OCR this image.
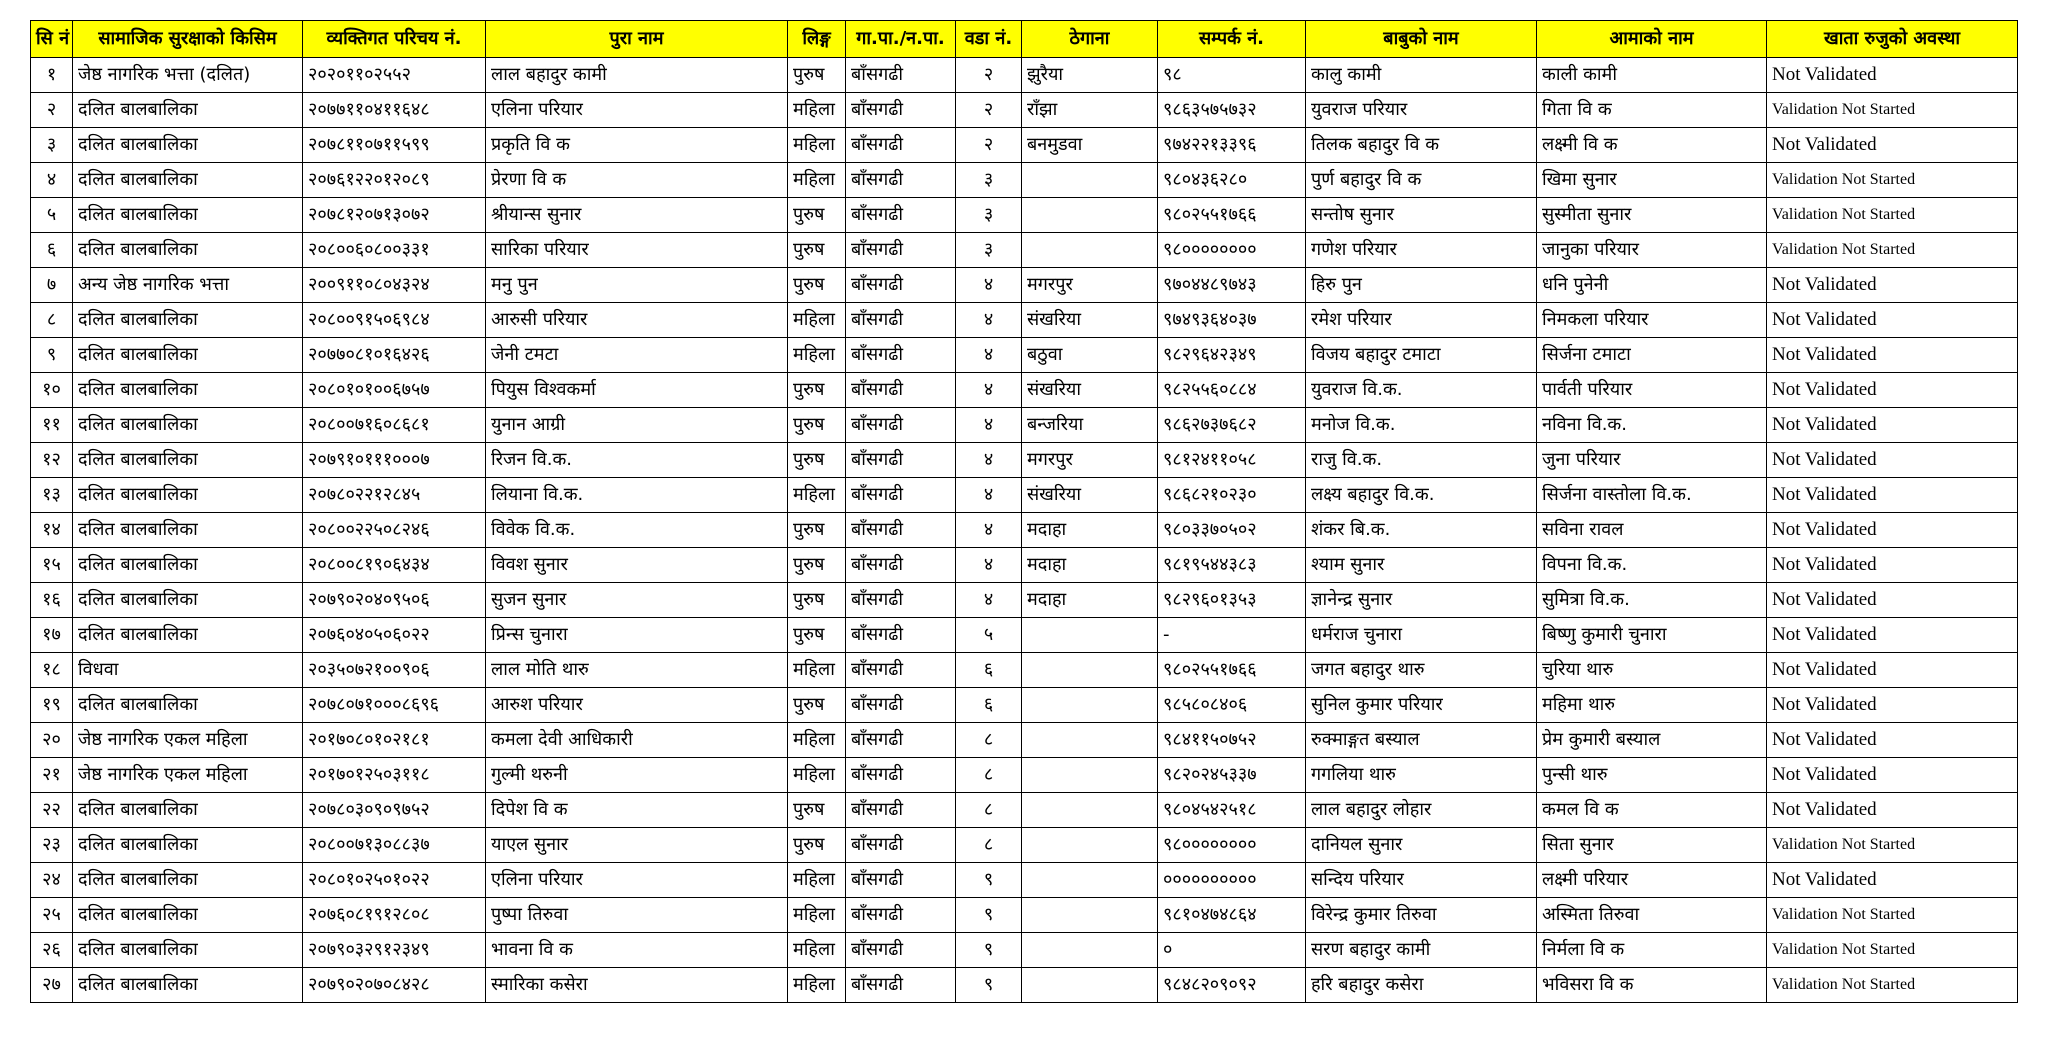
सि नं	सामाजिक सुरक्षाको किसिम	व्यक्तिगत परिचय नं.	पुरा नाम	लिङ्ग	गा.पा./न.पा.	वडा नं.	ठेगाना	सम्पर्क नं.	बाबुको नाम	आमाको नाम	खाता रुजुको अवस्था
१	जेष्ठ नागरिक भत्ता (दलित)	२०२०११०२५५२	लाल बहादुर कामी	पुरुष	बाँसगढी	२	झुरैया	९८	कालु कामी	काली कामी	Not Validated
२	दलित बालबालिका	२०७७११०४११६४८	एलिना परियार	महिला	बाँसगढी	२	राँझा	९८६३५७५७३२	युवराज परियार	गिता वि क	Validation Not Started
३	दलित बालबालिका	२०७८११०७११५९९	प्रकृति वि क	महिला	बाँसगढी	२	बनमुडवा	९७४२२१३३९६	तिलक बहादुर वि क	लक्ष्मी वि क	Not Validated
४	दलित बालबालिका	२०७६१२२०१२०८९	प्रेरणा वि क	महिला	बाँसगढी	३		९८०४३६२८०	पुर्ण बहादुर वि क	खिमा सुनार	Validation Not Started
५	दलित बालबालिका	२०७८१२०७१३०७२	श्रीयान्स सुनार	पुरुष	बाँसगढी	३		९८०२५५१७६६	सन्तोष सुनार	सुस्मीता सुनार	Validation Not Started
६	दलित बालबालिका	२०८००६०८००३३१	सारिका परियार	पुरुष	बाँसगढी	३		९८००००००००	गणेश परियार	जानुका परियार	Validation Not Started
७	अन्य जेष्ठ नागरिक भत्ता	२००९११०८०४३२४	मनु पुन	पुरुष	बाँसगढी	४	मगरपुर	९७०४४८९७४३	हिरु पुन	धनि पुनेनी	Not Validated
८	दलित बालबालिका	२०८००९१५०६९८४	आरुसी परियार	महिला	बाँसगढी	४	संखरिया	९७४९३६४०३७	रमेश परियार	निमकला परियार	Not Validated
९	दलित बालबालिका	२०७७०८१०१६४२६	जेनी टमटा	महिला	बाँसगढी	४	बठुवा	९८२९६४२३४९	विजय बहादुर टमाटा	सिर्जना टमाटा	Not Validated
१०	दलित बालबालिका	२०८०१०१००६७५७	पियुस विश्वकर्मा	पुरुष	बाँसगढी	४	संखरिया	९८२५५६०८८४	युवराज वि.क.	पार्वती परियार	Not Validated
११	दलित बालबालिका	२०८००७१६०८६८१	युनान आग्री	पुरुष	बाँसगढी	४	बन्जरिया	९८६२७३७६८२	मनोज वि.क.	नविना वि.क.	Not Validated
१२	दलित बालबालिका	२०७९१०१११०००७	रिजन वि.क.	पुरुष	बाँसगढी	४	मगरपुर	९८१२४११०५८	राजु वि.क.	जुना परियार	Not Validated
१३	दलित बालबालिका	२०७८०२२१२८४५	लियाना वि.क.	महिला	बाँसगढी	४	संखरिया	९८६८२१०२३०	लक्ष्य बहादुर वि.क.	सिर्जना वास्तोला वि.क.	Not Validated
१४	दलित बालबालिका	२०८००२२५०८२४६	विवेक वि.क.	पुरुष	बाँसगढी	४	मदाहा	९८०३३७०५०२	शंकर बि.क.	सविना रावल	Not Validated
१५	दलित बालबालिका	२०८००८१९०६४३४	विवश सुनार	पुरुष	बाँसगढी	४	मदाहा	९८१९५४४३८३	श्याम सुनार	विपना वि.क.	Not Validated
१६	दलित बालबालिका	२०७९०२०४०९५०६	सुजन सुनार	पुरुष	बाँसगढी	४	मदाहा	९८२९६०१३५३	ज्ञानेन्द्र सुनार	सुमित्रा वि.क.	Not Validated
१७	दलित बालबालिका	२०७६०४०५०६०२२	प्रिन्स चुनारा	पुरुष	बाँसगढी	५		-	धर्मराज चुनारा	बिष्णु कुमारी चुनारा	Not Validated
१८	विधवा	२०३५०७२१००९०६	लाल मोति थारु	महिला	बाँसगढी	६		९८०२५५१७६६	जगत बहादुर थारु	चुरिया थारु	Not Validated
१९	दलित बालबालिका	२०७८०७१०००८६९६	आरुश परियार	पुरुष	बाँसगढी	६		९८५८०८४०६	सुनिल कुमार परियार	महिमा थारु	Not Validated
२०	जेष्ठ नागरिक एकल महिला	२०१७०८०१०२१८१	कमला देवी आधिकारी	महिला	बाँसगढी	८		९८४११५०७५२	रुक्माङ्गत बस्याल	प्रेम कुमारी बस्याल	Not Validated
२१	जेष्ठ नागरिक एकल महिला	२०१७०१२५०३११८	गुल्मी थरुनी	महिला	बाँसगढी	८		९८२०२४५३३७	गगलिया थारु	पुन्सी थारु	Not Validated
२२	दलित बालबालिका	२०७८०३०९०९७५२	दिपेश वि क	पुरुष	बाँसगढी	८		९८०४५४२५१८	लाल बहादुर लोहार	कमल वि क	Not Validated
२३	दलित बालबालिका	२०८००७१३०८८३७	याएल सुनार	पुरुष	बाँसगढी	८		९८००००००००	दानियल सुनार	सिता सुनार	Validation Not Started
२४	दलित बालबालिका	२०८०१०२५०१०२२	एलिना परियार	महिला	बाँसगढी	९		००००००००००	सन्दिय परियार	लक्ष्मी परियार	Not Validated
२५	दलित बालबालिका	२०७६०८१९१२८०८	पुष्पा तिरुवा	महिला	बाँसगढी	९		९८१०४७४८६४	विरेन्द्र कुमार तिरुवा	अस्मिता तिरुवा	Validation Not Started
२६	दलित बालबालिका	२०७९०३२९१२३४९	भावना वि क	महिला	बाँसगढी	९		०	सरण बहादुर कामी	निर्मला वि क	Validation Not Started
२७	दलित बालबालिका	२०७९०२०७०८४२८	स्मारिका कसेरा	महिला	बाँसगढी	९		९८४८२०९०९२	हरि बहादुर कसेरा	भविसरा वि क	Validation Not Started
